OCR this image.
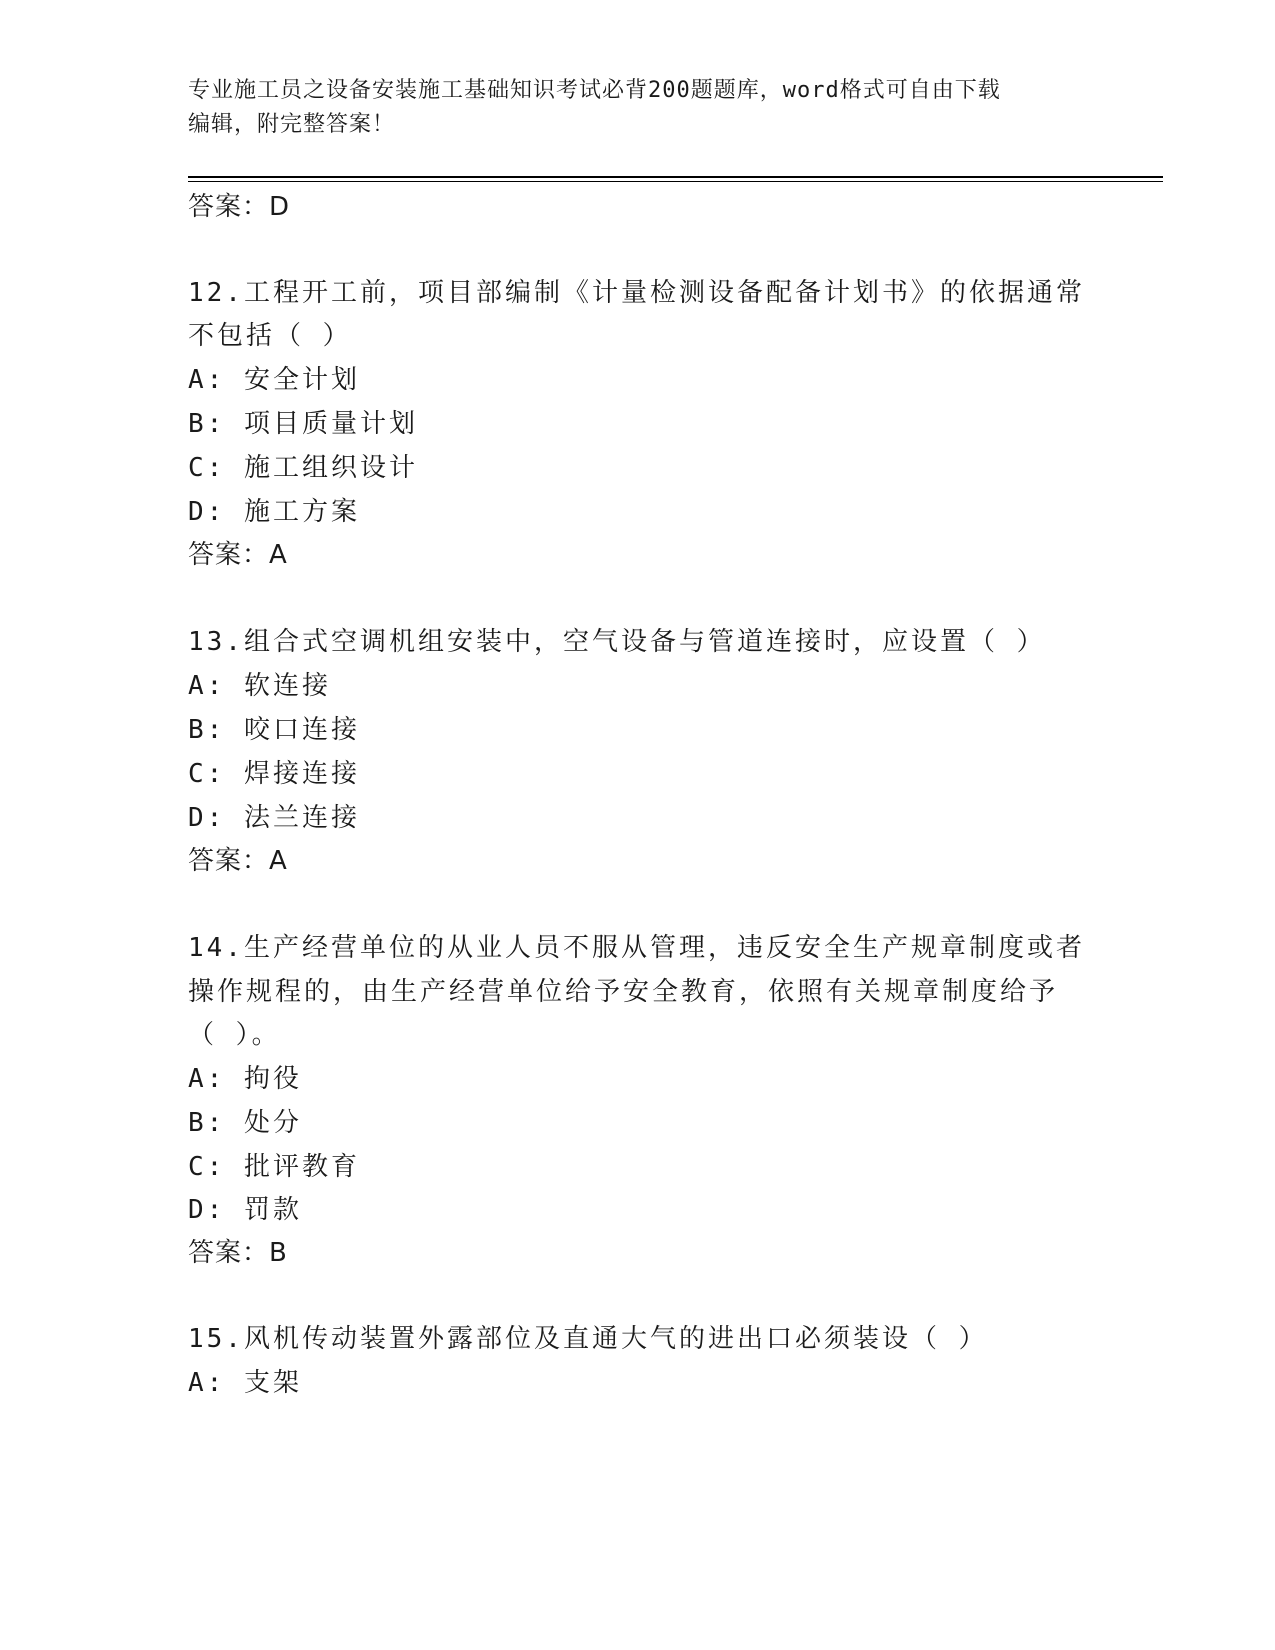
专业施工员之设备安装施工基础知识考试必背200题题库，word格式可自由下载
编辑，附完整答案！
答案：D
12.工程开工前，项目部编制《计量检测设备配备计划书》的依据通常
不包括（ ）
A: 安全计划
B: 项目质量计划
C: 施工组织设计
D: 施工方案
答案：A
13.组合式空调机组安装中，空气设备与管道连接时，应设置（ ）
A: 软连接
B: 咬口连接
C: 焊接连接
D: 法兰连接
答案：A
14.生产经营单位的从业人员不服从管理，违反安全生产规章制度或者
操作规程的，由生产经营单位给予安全教育，依照有关规章制度给予
（ ）。
A: 拘役
B: 处分
C: 批评教育
D: 罚款
答案：B
15.风机传动装置外露部位及直通大气的进出口必须装设（ ）
A: 支架
